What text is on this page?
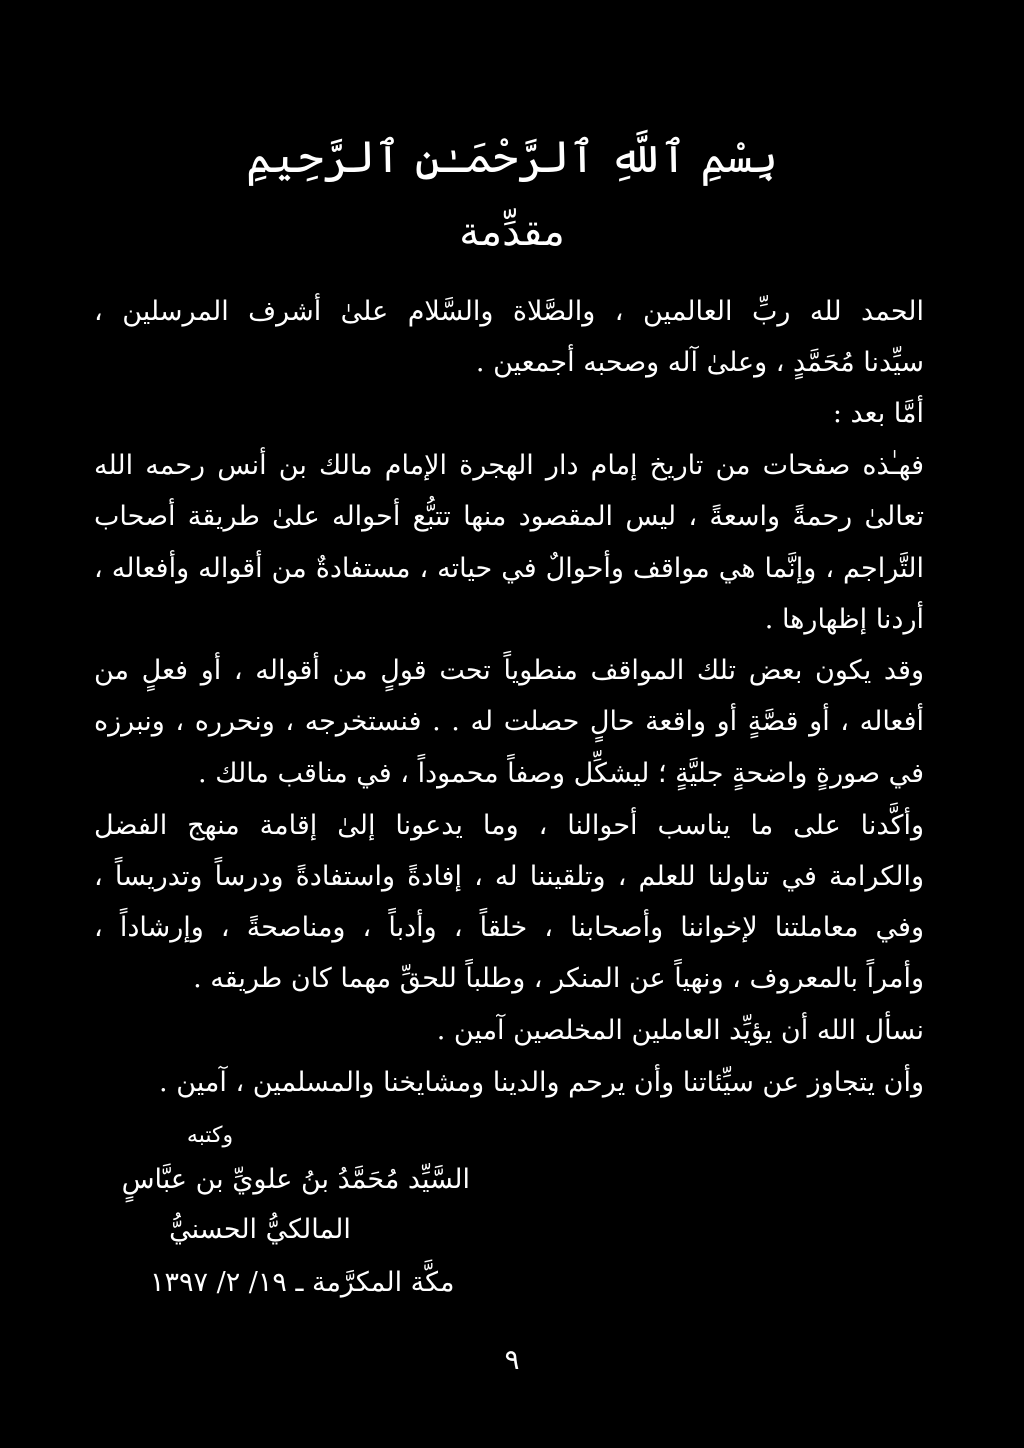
بِسْمِ ٱللَّهِ ٱلرَّحْمَـٰنِ ٱلرَّحِيمِ
مقدِّمة
الحمد لله ربِّ العالمين ، والصَّلاة والسَّلام علىٰ أشرف المرسلين ،
سيِّدنا مُحَمَّدٍ ، وعلىٰ آله وصحبه أجمعين .
أمَّا بعد :
فهـٰذه صفحات من تاريخ إمام دار الهجرة الإمام مالك بن أنس رحمه الله
تعالىٰ رحمةً واسعةً ، ليس المقصود منها تتبُّع أحواله علىٰ طريقة أصحاب
التَّراجم ، وإنَّما هي مواقف وأحوالٌ في حياته ، مستفادةٌ من أقواله وأفعاله ،
أردنا إظهارها .
وقد يكون بعض تلك المواقف منطوياً تحت قولٍ من أقواله ، أو فعلٍ من
أفعاله ، أو قصَّةٍ أو واقعة حالٍ حصلت له . . فنستخرجه ، ونحرره ، ونبرزه
في صورةٍ واضحةٍ جليَّةٍ ؛ ليشكِّل وصفاً محموداً ، في مناقب مالك .
وأكَّدنا على ما يناسب أحوالنا ، وما يدعونا إلىٰ إقامة منهج الفضل
والكرامة في تناولنا للعلم ، وتلقيننا له ، إفادةً واستفادةً ودرساً وتدريساً ،
وفي معاملتنا لإخواننا وأصحابنا ، خلقاً ، وأدباً ، ومناصحةً ، وإرشاداً ،
وأمراً بالمعروف ، ونهياً عن المنكر ، وطلباً للحقِّ مهما كان طريقه .
نسأل الله أن يؤيِّد العاملين المخلصين آمين .
وأن يتجاوز عن سيِّئاتنا وأن يرحم والدينا ومشايخنا والمسلمين ، آمين .
وكتبه
السَّيِّد مُحَمَّدُ بنُ علويِّ بن عبَّاسٍ
المالكيُّ الحسنيُّ
مكَّة المكرَّمة ـ ١٩/ ٢/ ١٣٩٧
٩
